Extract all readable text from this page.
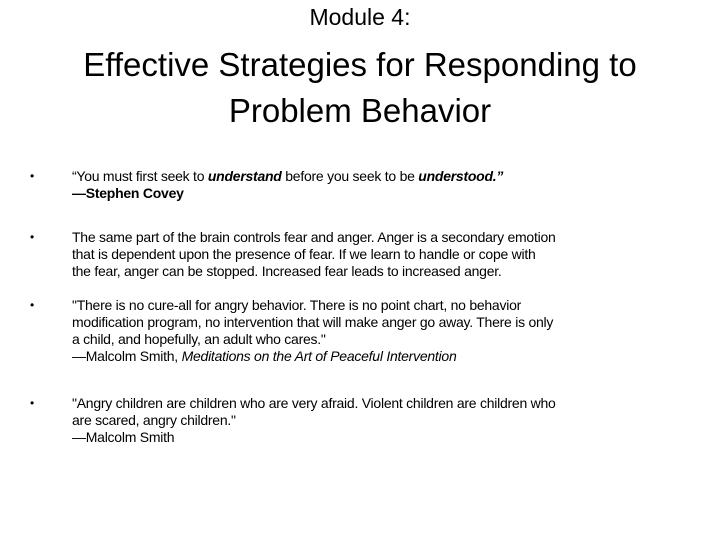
Module 4:
Effective Strategies for Responding to
Problem Behavior
•	“You must first seek to understand before you seek to be understood.”
—Stephen Covey
•	The same part of the brain controls fear and anger. Anger is a secondary emotion
that is dependent upon the presence of fear. If we learn to handle or cope with
the fear, anger can be stopped. Increased fear leads to increased anger.
•	"There is no cure-all for angry behavior. There is no point chart, no behavior
modification program, no intervention that will make anger go away. There is only
a child, and hopefully, an adult who cares."
—Malcolm Smith, Meditations on the Art of Peaceful Intervention
•	"Angry children are children who are very afraid. Violent children are children who
are scared, angry children."
—Malcolm Smith
